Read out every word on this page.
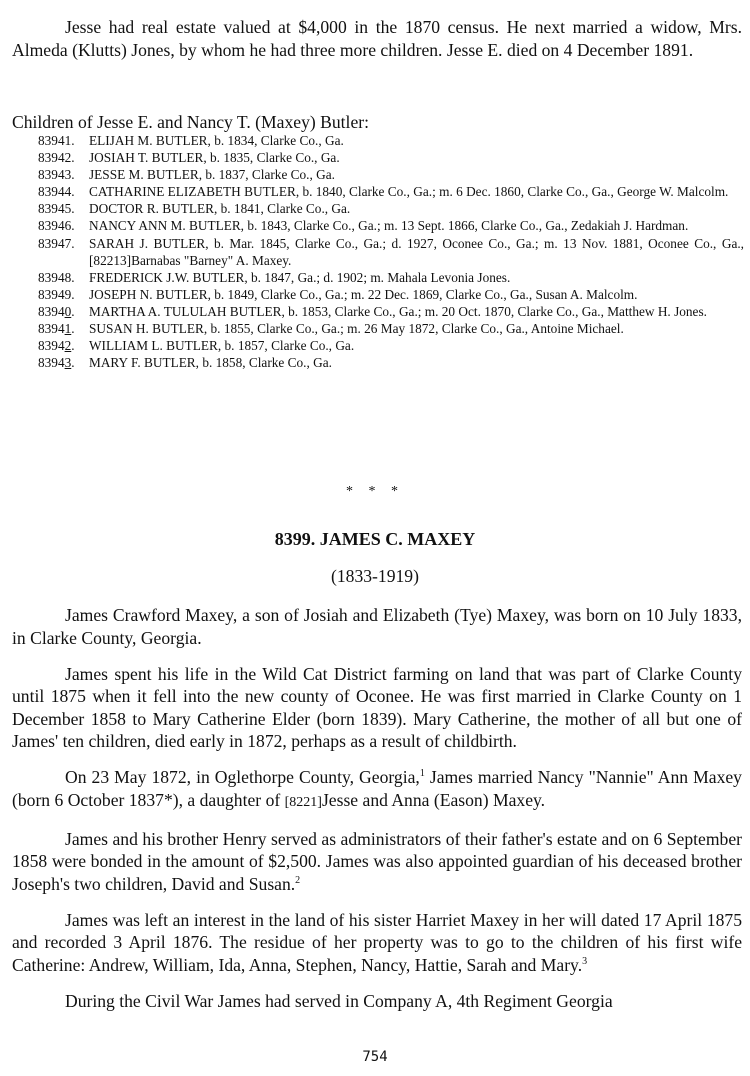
Jesse had real estate valued at $4,000 in the 1870 census. He next married a widow, Mrs. Almeda (Klutts) Jones, by whom he had three more children. Jesse E. died on 4 December 1891.

Children of Jesse E. and Nancy T. (Maxey) Butler:

83941. ELIJAH M. BUTLER, b. 1834, Clarke Co., Ga.
83942. JOSIAH T. BUTLER, b. 1835, Clarke Co., Ga.
83943. JESSE M. BUTLER, b. 1837, Clarke Co., Ga.
83944. CATHARINE ELIZABETH BUTLER, b. 1840, Clarke Co., Ga.; m. 6 Dec. 1860, Clarke Co., Ga., George W. Malcolm.
83945. DOCTOR R. BUTLER, b. 1841, Clarke Co., Ga.
83946. NANCY ANN M. BUTLER, b. 1843, Clarke Co., Ga.; m. 13 Sept. 1866, Clarke Co., Ga., Zedakiah J. Hardman.
83947. SARAH J. BUTLER, b. Mar. 1845, Clarke Co., Ga.; d. 1927, Oconee Co., Ga.; m. 13 Nov. 1881, Oconee Co., Ga., [82213]Barnabas "Barney" A. Maxey.
83948. FREDERICK J.W. BUTLER, b. 1847, Ga.; d. 1902; m. Mahala Levonia Jones.
83949. JOSEPH N. BUTLER, b. 1849, Clarke Co., Ga.; m. 22 Dec. 1869, Clarke Co., Ga., Susan A. Malcolm.
83940. MARTHA A. TULULAH BUTLER, b. 1853, Clarke Co., Ga.; m. 20 Oct. 1870, Clarke Co., Ga., Matthew H. Jones.
83941. SUSAN H. BUTLER, b. 1855, Clarke Co., Ga.; m. 26 May 1872, Clarke Co., Ga., Antoine Michael.
83942. WILLIAM L. BUTLER, b. 1857, Clarke Co., Ga.
83943. MARY F. BUTLER, b. 1858, Clarke Co., Ga.
* * *
8399. JAMES C. MAXEY
(1833-1919)

James Crawford Maxey, a son of Josiah and Elizabeth (Tye) Maxey, was born on 10 July 1833, in Clarke County, Georgia.

James spent his life in the Wild Cat District farming on land that was part of Clarke County until 1875 when it fell into the new county of Oconee. He was first married in Clarke County on 1 December 1858 to Mary Catherine Elder (born 1839). Mary Catherine, the mother of all but one of James' ten children, died early in 1872, perhaps as a result of childbirth.

On 23 May 1872, in Oglethorpe County, Georgia,$^1$ James married Nancy "Nannie" Ann Maxey (born 6 October 1837*), a daughter of [8221]Jesse and Anna (Eason) Maxey.

James and his brother Henry served as administrators of their father's estate and on 6 September 1858 were bonded in the amount of $2,500. James was also appointed guardian of his deceased brother Joseph's two children, David and Susan.$^2$

James was left an interest in the land of his sister Harriet Maxey in her will dated 17 April 1875 and recorded 3 April 1876. The residue of her property was to go to the children of his first wife Catherine: Andrew, William, Ida, Anna, Stephen, Nancy, Hattie, Sarah and Mary.$^3$

During the Civil War James had served in Company A, 4th Regiment Georgia

754
